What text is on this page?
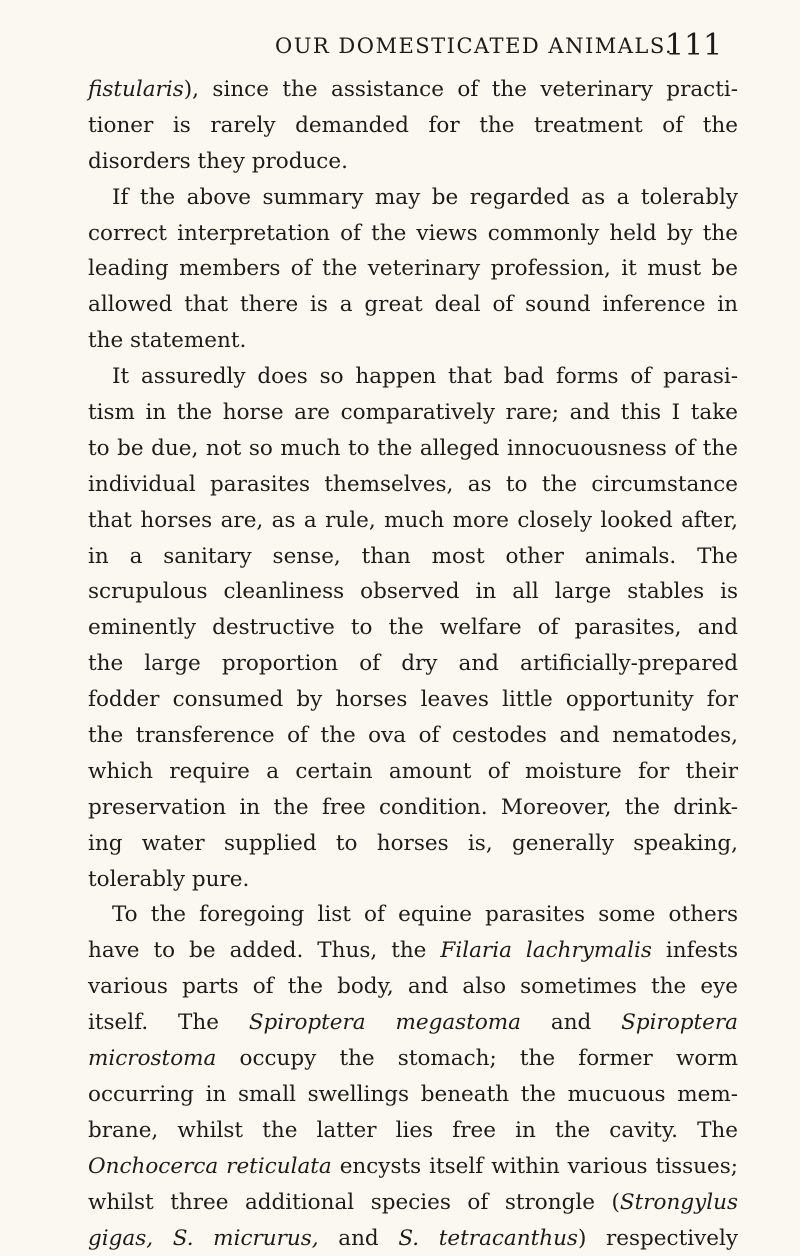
OUR DOMESTICATED ANIMALS.
111
fistularis), since the assistance of the veterinary practi-
tioner is rarely demanded for the treatment of the
disorders they produce.
If the above summary may be regarded as a tolerably
correct interpretation of the views commonly held by the
leading members of the veterinary profession, it must be
allowed that there is a great deal of sound inference in
the statement.
It assuredly does so happen that bad forms of parasi-
tism in the horse are comparatively rare; and this I take
to be due, not so much to the alleged innocuousness of the
individual parasites themselves, as to the circumstance
that horses are, as a rule, much more closely looked after,
in a sanitary sense, than most other animals. The
scrupulous cleanliness observed in all large stables is
eminently destructive to the welfare of parasites, and
the large proportion of dry and artificially-prepared
fodder consumed by horses leaves little opportunity for
the transference of the ova of cestodes and nematodes,
which require a certain amount of moisture for their
preservation in the free condition. Moreover, the drink-
ing water supplied to horses is, generally speaking,
tolerably pure.
To the foregoing list of equine parasites some others
have to be added. Thus, the Filaria lachrymalis infests
various parts of the body, and also sometimes the eye
itself. The Spiroptera megastoma and Spiroptera
microstoma occupy the stomach; the former worm
occurring in small swellings beneath the mucuous mem-
brane, whilst the latter lies free in the cavity. The
Onchocerca reticulata encysts itself within various tissues;
whilst three additional species of strongle (Strongylus
gigas, S. micrurus, and S. tetracanthus) respectively
